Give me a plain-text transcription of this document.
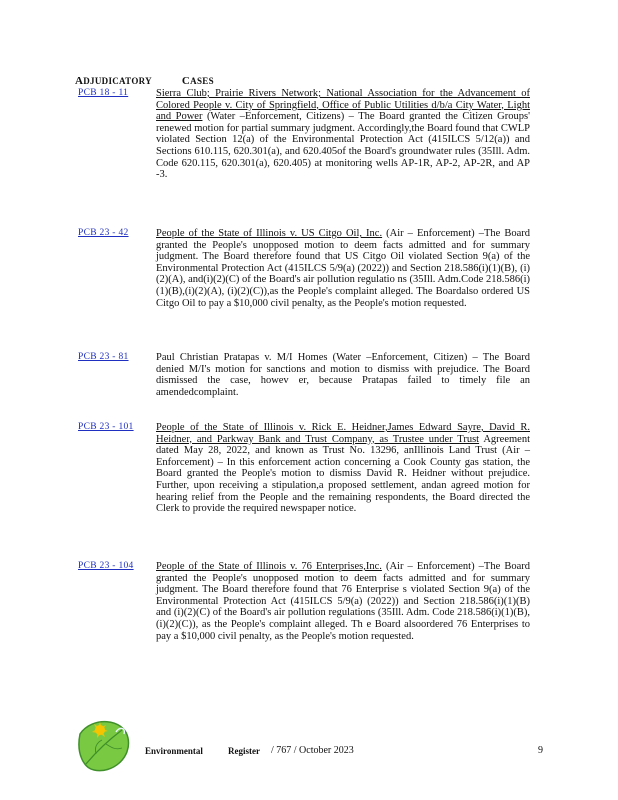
ADJUDICATORY	CASES
PCB 18 - 11	Sierra Club; Prairie Rivers Network; National Association for the Advancement of Colored People v. City of Springfield, Office of Public Utilities d/b/a City Water, Light and Power (Water –Enforcement, Citizens) – The Board granted the Citizen Groups' renewed motion for partial summary judgment. Accordingly,the Board found that CWLP violated Section 12(a) of the Environmental Protection Act (415ILCS 5/12(a)) and Sections 610.115, 620.301(a), and 620.405of the Board's groundwater rules (35Ill. Adm. Code 620.115, 620.301(a), 620.405) at monitoring wells AP-1R, AP-2, AP-2R, and AP -3.
PCB 23 - 42	People of the State of Illinois v. US Citgo Oil, Inc. (Air – Enforcement) –The Board granted the People's unopposed motion to deem facts admitted and for summary judgment. The Board therefore found that US Citgo Oil violated Section 9(a) of the Environmental Protection Act (415ILCS 5/9(a) (2022)) and Section 218.586(i)(1)(B), (i)(2)(A), and(i)(2)(C) of the Board's air pollution regulatio ns (35Ill. Adm.Code 218.586(i)(1)(B),(i)(2)(A), (i)(2)(C)),as the People's complaint alleged. The Boardalso ordered US Citgo Oil to pay a $10,000 civil penalty, as the People's motion requested.
PCB 23 - 81	Paul Christian Pratapas v. M/I Homes (Water –Enforcement, Citizen) – The Board denied M/I's motion for sanctions and motion to dismiss with prejudice. The Board dismissed the case, howev er, because Pratapas failed to timely file an amendedcomplaint.
PCB 23 - 101	People of the State of Illinois v. Rick E. Heidner,James Edward Sayre, David R. Heidner, and Parkway Bank and Trust Company, as Trustee under Trust Agreement dated May 28, 2022, and known as Trust No. 13296, anIllinois Land Trust (Air –Enforcement) – In this enforcement action concerning a Cook County gas station, the Board granted the People's motion to dismiss David R. Heidner without prejudice. Further, upon receiving a stipulation,a proposed settlement, andan agreed motion for hearing relief from the People and the remaining respondents, the Board directed the Clerk to provide the required newspaper notice.
PCB 23 - 104	People of the State of Illinois v. 76 Enterprises,Inc. (Air – Enforcement) –The Board granted the People's unopposed motion to deem facts admitted and for summary judgment. The Board therefore found that 76 Enterprise s violated Section 9(a) of the Environmental Protection Act (415ILCS 5/9(a) (2022)) and Section 218.586(i)(1)(B) and (i)(2)(C) of the Board's air pollution regulations (35Ill. Adm. Code 218.586(i)(1)(B),(i)(2)(C)), as the People's complaint alleged. Th e Board alsoordered 76 Enterprises to pay a $10,000 civil penalty, as the People's motion requested.
Environmental	Register / 767 / October 2023	9
